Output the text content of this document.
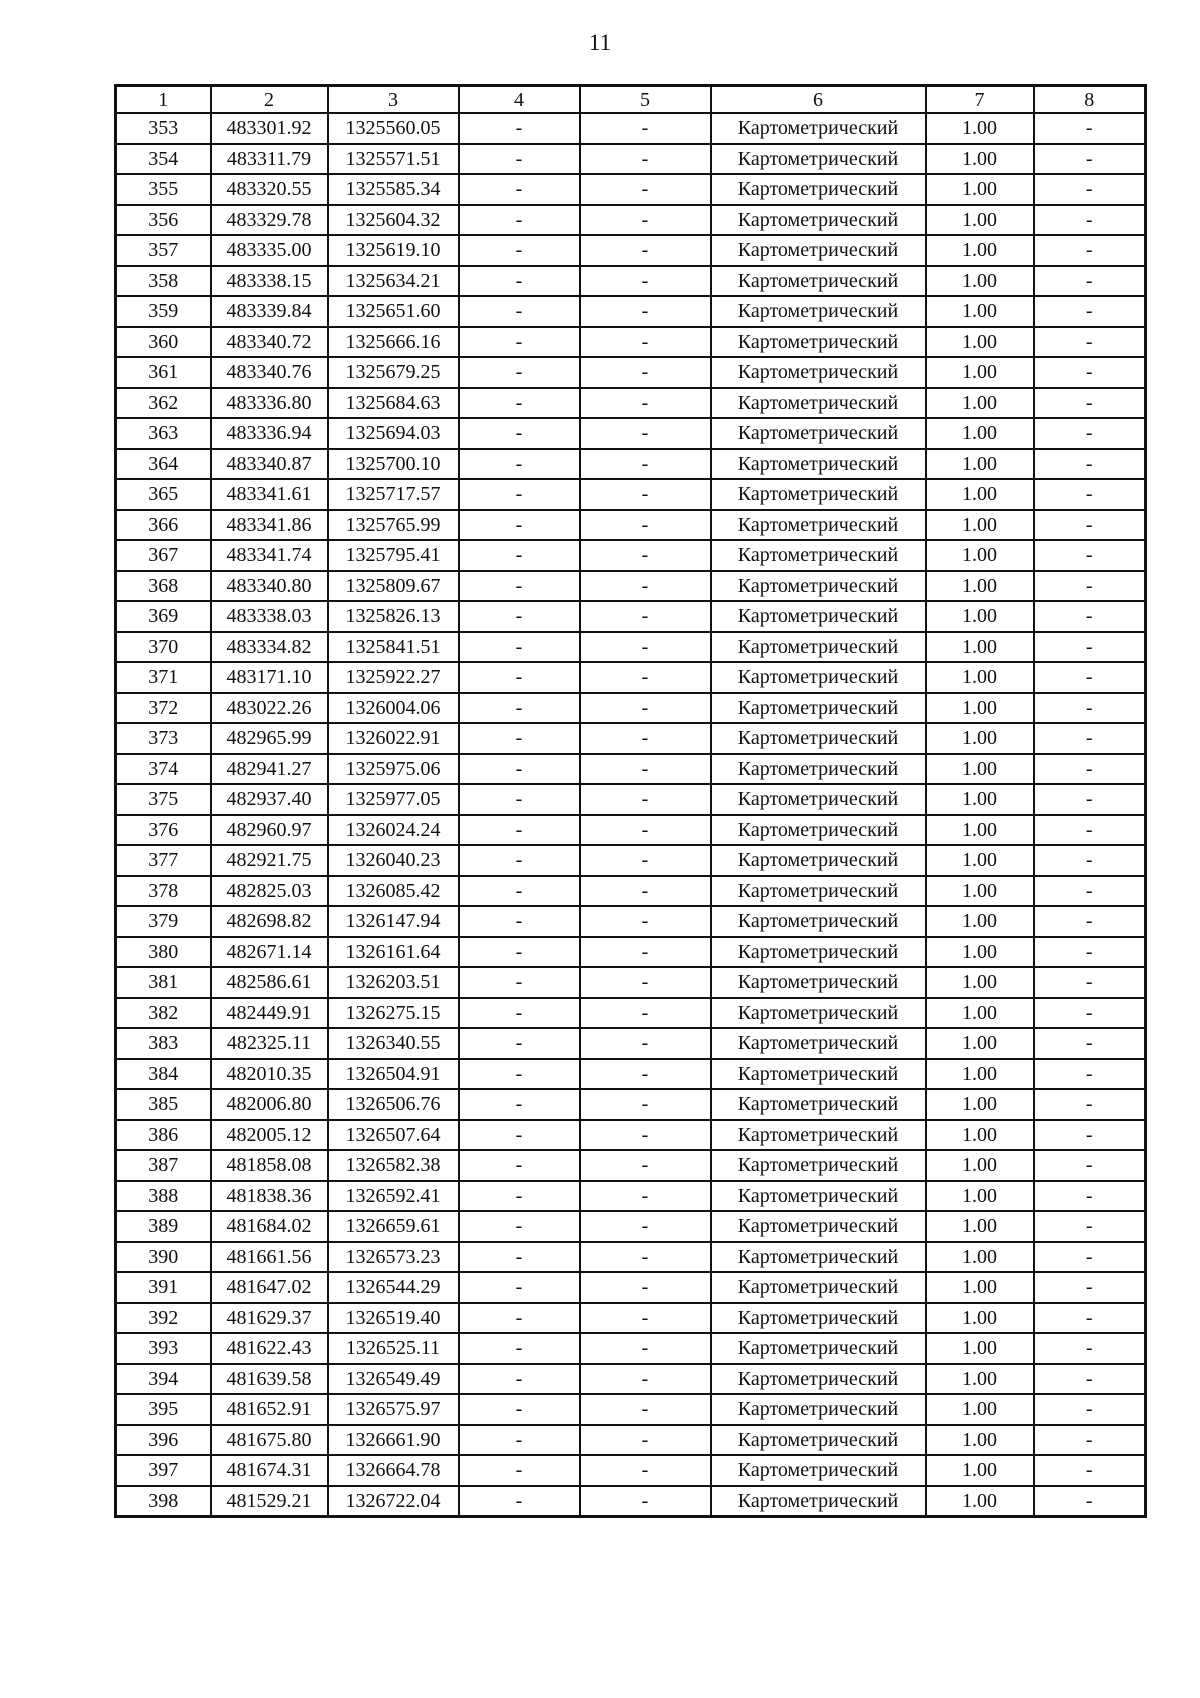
11
1	2	3	4	5	6	7	8
353	483301.92	1325560.05	-	-	Картометрический	1.00	-
354	483311.79	1325571.51	-	-	Картометрический	1.00	-
355	483320.55	1325585.34	-	-	Картометрический	1.00	-
356	483329.78	1325604.32	-	-	Картометрический	1.00	-
357	483335.00	1325619.10	-	-	Картометрический	1.00	-
358	483338.15	1325634.21	-	-	Картометрический	1.00	-
359	483339.84	1325651.60	-	-	Картометрический	1.00	-
360	483340.72	1325666.16	-	-	Картометрический	1.00	-
361	483340.76	1325679.25	-	-	Картометрический	1.00	-
362	483336.80	1325684.63	-	-	Картометрический	1.00	-
363	483336.94	1325694.03	-	-	Картометрический	1.00	-
364	483340.87	1325700.10	-	-	Картометрический	1.00	-
365	483341.61	1325717.57	-	-	Картометрический	1.00	-
366	483341.86	1325765.99	-	-	Картометрический	1.00	-
367	483341.74	1325795.41	-	-	Картометрический	1.00	-
368	483340.80	1325809.67	-	-	Картометрический	1.00	-
369	483338.03	1325826.13	-	-	Картометрический	1.00	-
370	483334.82	1325841.51	-	-	Картометрический	1.00	-
371	483171.10	1325922.27	-	-	Картометрический	1.00	-
372	483022.26	1326004.06	-	-	Картометрический	1.00	-
373	482965.99	1326022.91	-	-	Картометрический	1.00	-
374	482941.27	1325975.06	-	-	Картометрический	1.00	-
375	482937.40	1325977.05	-	-	Картометрический	1.00	-
376	482960.97	1326024.24	-	-	Картометрический	1.00	-
377	482921.75	1326040.23	-	-	Картометрический	1.00	-
378	482825.03	1326085.42	-	-	Картометрический	1.00	-
379	482698.82	1326147.94	-	-	Картометрический	1.00	-
380	482671.14	1326161.64	-	-	Картометрический	1.00	-
381	482586.61	1326203.51	-	-	Картометрический	1.00	-
382	482449.91	1326275.15	-	-	Картометрический	1.00	-
383	482325.11	1326340.55	-	-	Картометрический	1.00	-
384	482010.35	1326504.91	-	-	Картометрический	1.00	-
385	482006.80	1326506.76	-	-	Картометрический	1.00	-
386	482005.12	1326507.64	-	-	Картометрический	1.00	-
387	481858.08	1326582.38	-	-	Картометрический	1.00	-
388	481838.36	1326592.41	-	-	Картометрический	1.00	-
389	481684.02	1326659.61	-	-	Картометрический	1.00	-
390	481661.56	1326573.23	-	-	Картометрический	1.00	-
391	481647.02	1326544.29	-	-	Картометрический	1.00	-
392	481629.37	1326519.40	-	-	Картометрический	1.00	-
393	481622.43	1326525.11	-	-	Картометрический	1.00	-
394	481639.58	1326549.49	-	-	Картометрический	1.00	-
395	481652.91	1326575.97	-	-	Картометрический	1.00	-
396	481675.80	1326661.90	-	-	Картометрический	1.00	-
397	481674.31	1326664.78	-	-	Картометрический	1.00	-
398	481529.21	1326722.04	-	-	Картометрический	1.00	-
